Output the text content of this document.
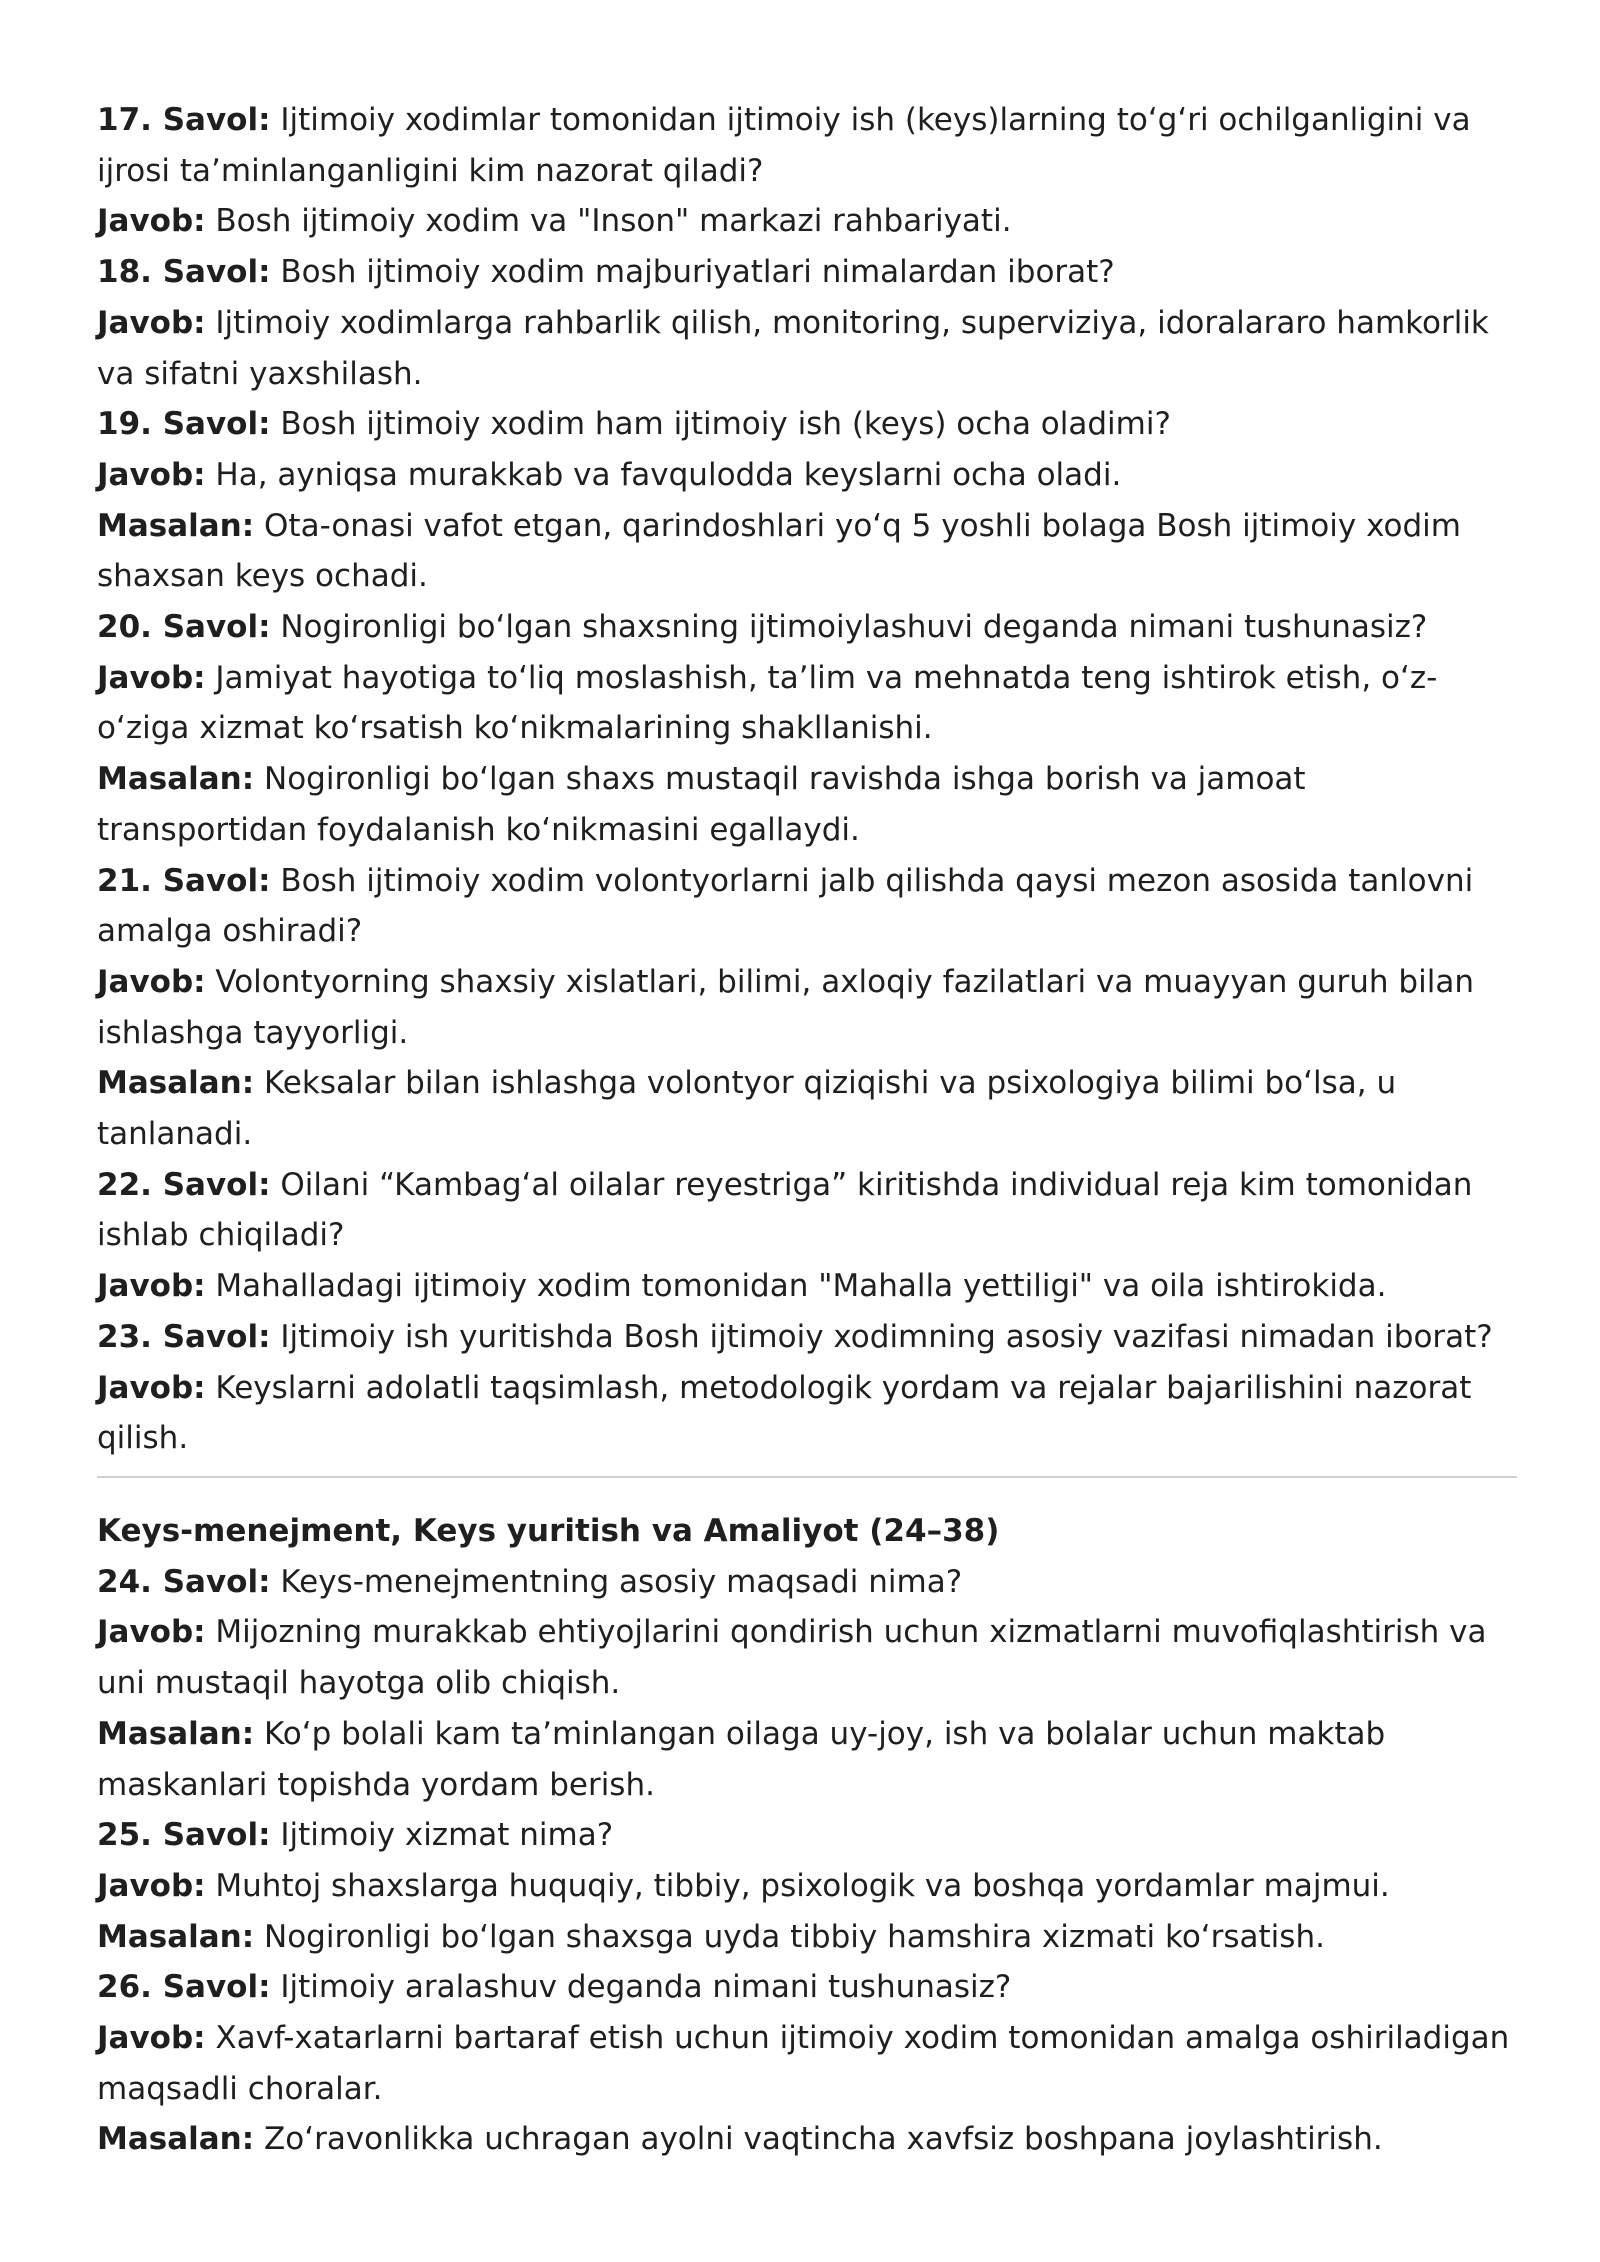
17. Savol: Ijtimoiy xodimlar tomonidan ijtimoiy ish (keys)larning to‘g‘ri ochilganligini va ijrosi ta’minlanganligini kim nazorat qiladi?

Javob: Bosh ijtimoiy xodim va "Inson" markazi rahbariyati.

18. Savol: Bosh ijtimoiy xodim majburiyatlari nimalardan iborat?

Javob: Ijtimoiy xodimlarga rahbarlik qilish, monitoring, superviziya, idoralararo hamkorlik va sifatni yaxshilash.

19. Savol: Bosh ijtimoiy xodim ham ijtimoiy ish (keys) ocha oladimi?

Javob: Ha, ayniqsa murakkab va favqulodda keyslarni ocha oladi.

Masalan: Ota-onasi vafot etgan, qarindoshlari yo‘q 5 yoshli bolaga Bosh ijtimoiy xodim shaxsan keys ochadi.

20. Savol: Nogironligi bo‘lgan shaxsning ijtimoiylashuvi deganda nimani tushunasiz?

Javob: Jamiyat hayotiga to‘liq moslashish, ta’lim va mehnatda teng ishtirok etish, o‘z-o‘ziga xizmat ko‘rsatish ko‘nikmalarining shakllanishi.

Masalan: Nogironligi bo‘lgan shaxs mustaqil ravishda ishga borish va jamoat transportidan foydalanish ko‘nikmasini egallaydi.

21. Savol: Bosh ijtimoiy xodim volontyorlarni jalb qilishda qaysi mezon asosida tanlovni amalga oshiradi?

Javob: Volontyorning shaxsiy xislatlari, bilimi, axloqiy fazilatlari va muayyan guruh bilan ishlashga tayyorligi.

Masalan: Keksalar bilan ishlashga volontyor qiziqishi va psixologiya bilimi bo‘lsa, u tanlanadi.

22. Savol: Oilani “Kambag‘al oilalar reyestriga” kiritishda individual reja kim tomonidan ishlab chiqiladi?

Javob: Mahalladagi ijtimoiy xodim tomonidan "Mahalla yettiligi" va oila ishtirokida.

23. Savol: Ijtimoiy ish yuritishda Bosh ijtimoiy xodimning asosiy vazifasi nimadan iborat?

Javob: Keyslarni adolatli taqsimlash, metodologik yordam va rejalar bajarilishini nazorat qilish.

Keys-menejment, Keys yuritish va Amaliyot (24–38)

24. Savol: Keys-menejmentning asosiy maqsadi nima?

Javob: Mijozning murakkab ehtiyojlarini qondirish uchun xizmatlarni muvofiqlashtirish va uni mustaqil hayotga olib chiqish.

Masalan: Ko‘p bolali kam ta’minlangan oilaga uy-joy, ish va bolalar uchun maktab maskanlari topishda yordam berish.

25. Savol: Ijtimoiy xizmat nima?

Javob: Muhtoj shaxslarga huquqiy, tibbiy, psixologik va boshqa yordamlar majmui.

Masalan: Nogironligi bo‘lgan shaxsga uyda tibbiy hamshira xizmati ko‘rsatish.

26. Savol: Ijtimoiy aralashuv deganda nimani tushunasiz?

Javob: Xavf-xatarlarni bartaraf etish uchun ijtimoiy xodim tomonidan amalga oshiriladigan maqsadli choralar.

Masalan: Zo‘ravonlikka uchragan ayolni vaqtincha xavfsiz boshpana joylashtirish.
